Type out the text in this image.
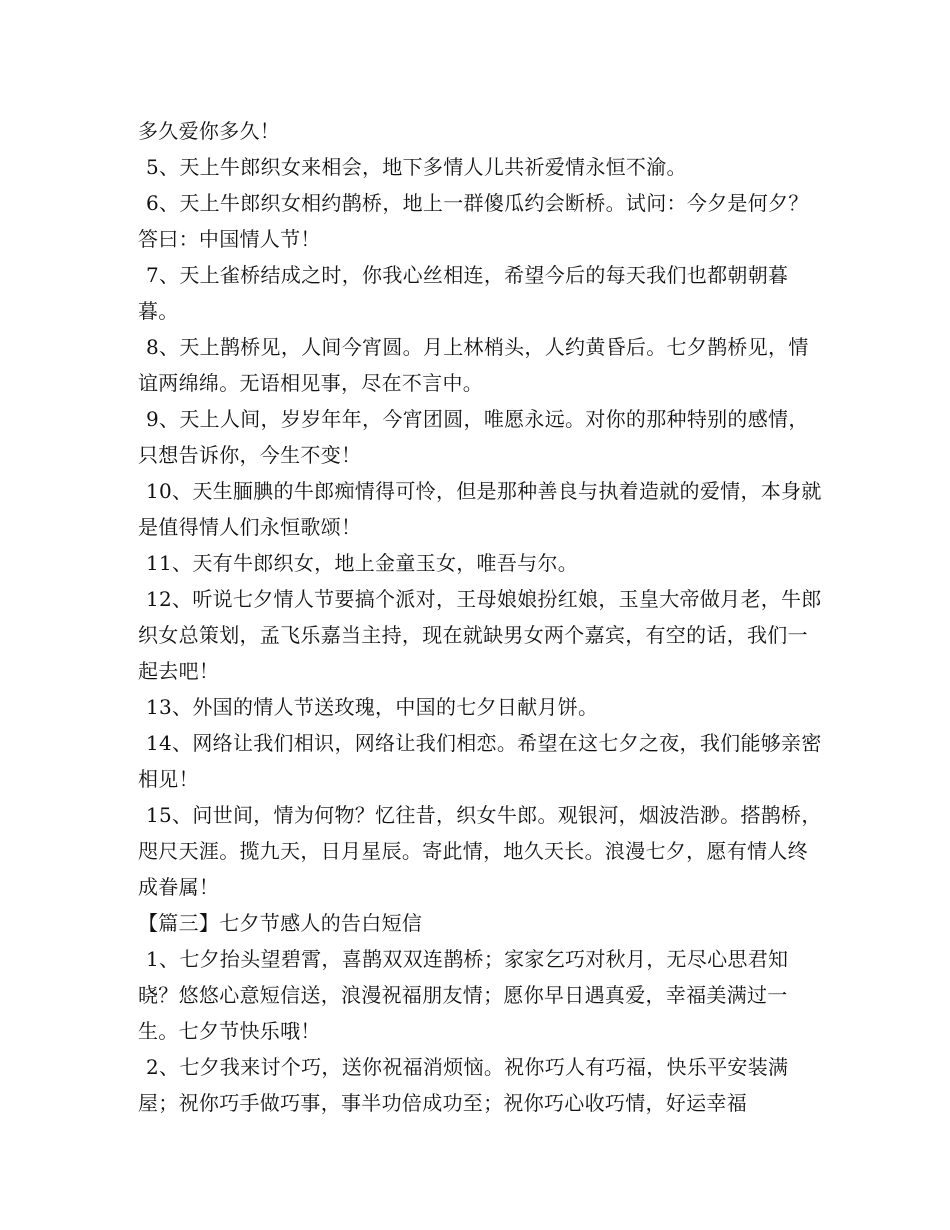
多久爱你多久！

5、天上牛郎织女来相会，地下多情人儿共祈爱情永恒不渝。

6、天上牛郎织女相约鹊桥，地上一群傻瓜约会断桥。试问：今夕是何夕？答曰：中国情人节！

7、天上雀桥结成之时，你我心丝相连，希望今后的每天我们也都朝朝暮暮。

8、天上鹊桥见，人间今宵圆。月上林梢头，人约黄昏后。七夕鹊桥见，情谊两绵绵。无语相见事，尽在不言中。

9、天上人间，岁岁年年，今宵团圆，唯愿永远。对你的那种特别的感情，只想告诉你，今生不变！

10、天生腼腆的牛郎痴情得可怜，但是那种善良与执着造就的爱情，本身就是值得情人们永恒歌颂！

11、天有牛郎织女，地上金童玉女，唯吾与尔。

12、听说七夕情人节要搞个派对，王母娘娘扮红娘，玉皇大帝做月老，牛郎织女总策划，孟飞乐嘉当主持，现在就缺男女两个嘉宾，有空的话，我们一起去吧！

13、外国的情人节送玫瑰，中国的七夕日献月饼。

14、网络让我们相识，网络让我们相恋。希望在这七夕之夜，我们能够亲密相见！

15、问世间，情为何物？忆往昔，织女牛郎。观银河，烟波浩渺。搭鹊桥，咫尺天涯。揽九天，日月星辰。寄此情，地久天长。浪漫七夕，愿有情人终成眷属！

【篇三】七夕节感人的告白短信

1、七夕抬头望碧霄，喜鹊双双连鹊桥；家家乞巧对秋月，无尽心思君知晓？悠悠心意短信送，浪漫祝福朋友情；愿你早日遇真爱，幸福美满过一生。七夕节快乐哦！

2、七夕我来讨个巧，送你祝福消烦恼。祝你巧人有巧福，快乐平安装满屋；祝你巧手做巧事，事半功倍成功至；祝你巧心收巧情，好运幸福
